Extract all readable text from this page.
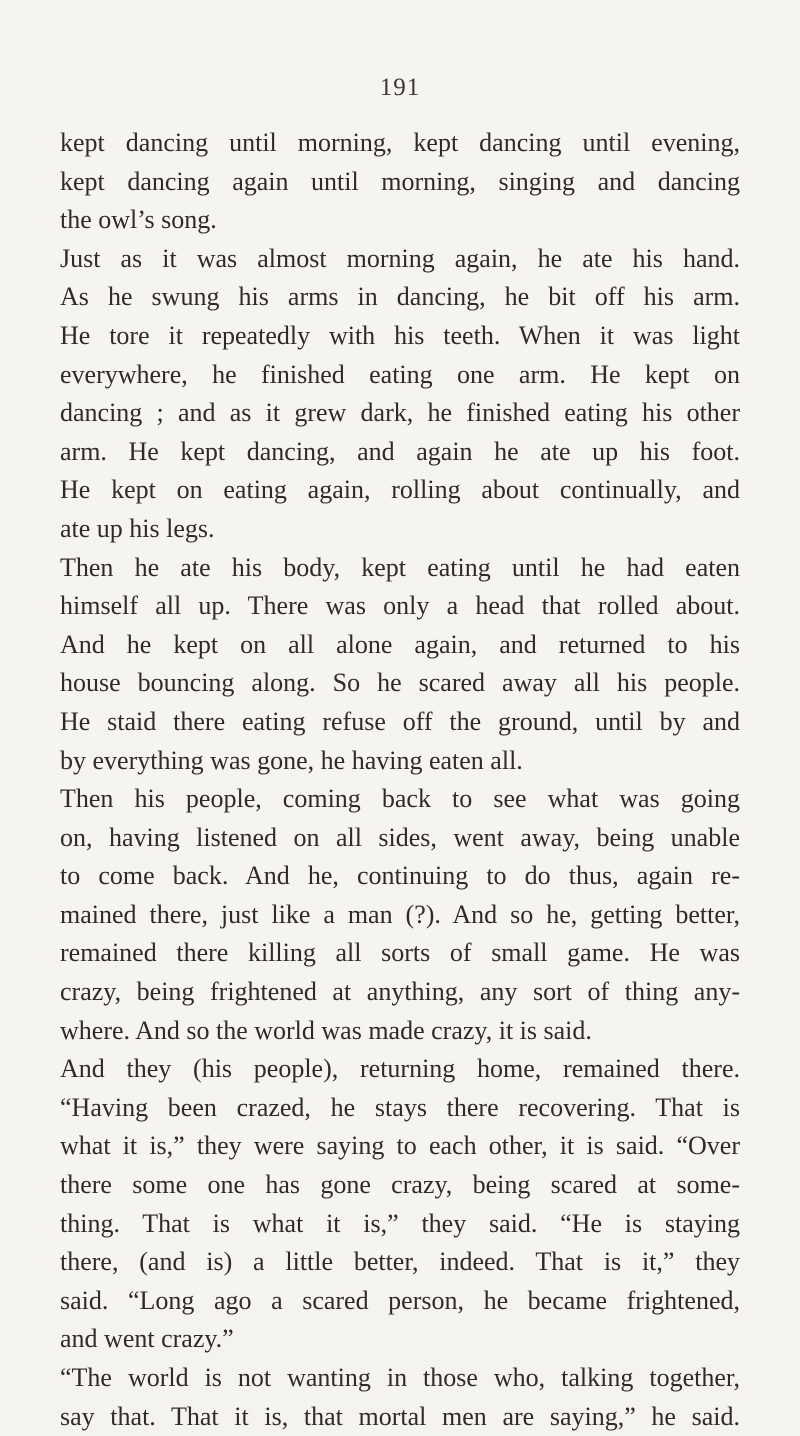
191
kept dancing until morning, kept dancing until evening,
kept dancing again until morning, singing and dancing
the owl’s song.
Just as it was almost morning again, he ate his hand.
As he swung his arms in dancing, he bit off his arm.
He tore it repeatedly with his teeth. When it was light
everywhere, he finished eating one arm. He kept on
dancing ; and as it grew dark, he finished eating his other
arm. He kept dancing, and again he ate up his foot.
He kept on eating again, rolling about continually, and
ate up his legs.
Then he ate his body, kept eating until he had eaten
himself all up. There was only a head that rolled about.
And he kept on all alone again, and returned to his
house bouncing along. So he scared away all his people.
He staid there eating refuse off the ground, until by and
by everything was gone, he having eaten all.
Then his people, coming back to see what was going
on, having listened on all sides, went away, being unable
to come back. And he, continuing to do thus, again re-
mained there, just like a man (?). And so he, getting better,
remained there killing all sorts of small game. He was
crazy, being frightened at anything, any sort of thing any-
where. And so the world was made crazy, it is said.
And they (his people), returning home, remained there.
“Having been crazed, he stays there recovering. That is
what it is,” they were saying to each other, it is said. “Over
there some one has gone crazy, being scared at some-
thing. That is what it is,” they said. “He is staying
there, (and is) a little better, indeed. That is it,” they
said. “Long ago a scared person, he became frightened,
and went crazy.”
“The world is not wanting in those who, talking together,
say that. That it is, that mortal men are saying,” he said.
